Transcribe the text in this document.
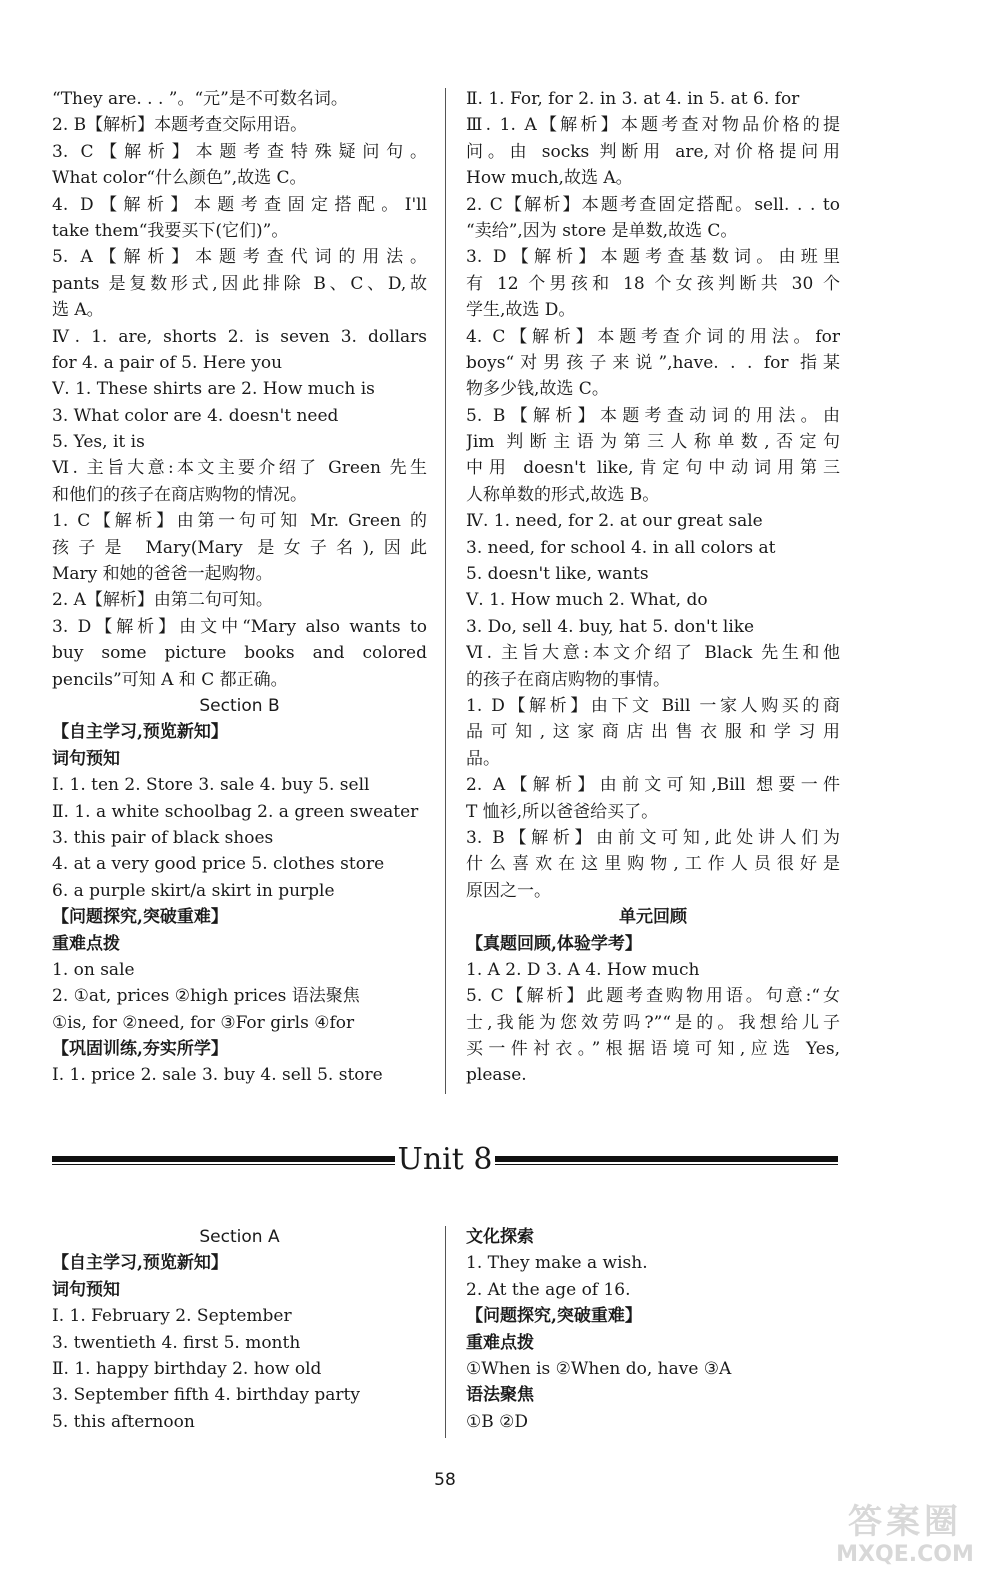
“They are. . . ”。“元”是不可数名词。
2. B【解析】本题考查交际用语。
3. C【解析】本题考查特殊疑问句。
What color“什么颜色”,故选 C。
4. D【解析】本题考查固定搭配。I'll
take them“我要买下(它们)”。
5. A【解析】本题考查代词的用法。
pants 是复数形式,因此排除 B、C、D,故
选 A。
Ⅳ. 1. are, shorts 2. is seven 3. dollars
for 4. a pair of 5. Here you
Ⅴ. 1. These shirts are 2. How much is
3. What color are 4. doesn't need
5. Yes, it is
Ⅵ. 主旨大意:本文主要介绍了 Green 先生
和他们的孩子在商店购物的情况。
1. C【解析】由第一句可知 Mr. Green 的
孩子是 Mary(Mary 是女子名),因此
Mary 和她的爸爸一起购物。
2. A【解析】由第二句可知。
3. D【解析】由文中“Mary also wants to
buy some picture books and colored
pencils”可知 A 和 C 都正确。
Section B
【自主学习,预览新知】
词句预知
Ⅰ. 1. ten 2. Store 3. sale 4. buy 5. sell
Ⅱ. 1. a white schoolbag 2. a green sweater
3. this pair of black shoes
4. at a very good price 5. clothes store
6. a purple skirt/a skirt in purple
【问题探究,突破重难】
重难点拨
1. on sale
2. ①at, prices ②high prices 语法聚焦
①is, for ②need, for ③For girls ④for
【巩固训练,夯实所学】
Ⅰ. 1. price 2. sale 3. buy 4. sell 5. store
Ⅱ. 1. For, for 2. in 3. at 4. in 5. at 6. for
Ⅲ. 1. A【解析】本题考查对物品价格的提
问。由 socks 判断用 are,对价格提问用
How much,故选 A。
2. C【解析】本题考查固定搭配。sell. . . to
“卖给”,因为 store 是单数,故选 C。
3. D【解析】本题考查基数词。由班里
有 12 个男孩和 18 个女孩判断共 30 个
学生,故选 D。
4. C【解析】本题考查介词的用法。for
boys“对男孩子来说”,have. . . for 指某
物多少钱,故选 C。
5. B【解析】本题考查动词的用法。由
Jim 判断主语为第三人称单数,否定句
中用 doesn't like,肯定句中动词用第三
人称单数的形式,故选 B。
Ⅳ. 1. need, for 2. at our great sale
3. need, for school 4. in all colors at
5. doesn't like, wants
Ⅴ. 1. How much 2. What, do
3. Do, sell 4. buy, hat 5. don't like
Ⅵ. 主旨大意:本文介绍了 Black 先生和他
的孩子在商店购物的事情。
1. D【解析】由下文 Bill 一家人购买的商
品可知,这家商店出售衣服和学习用
品。
2. A【解析】由前文可知,Bill 想要一件
T 恤衫,所以爸爸给买了。
3. B【解析】由前文可知,此处讲人们为
什么喜欢在这里购物,工作人员很好是
原因之一。
单元回顾
【真题回顾,体验学考】
1. A 2. D 3. A 4. How much
5. C【解析】此题考查购物用语。句意:“女
士,我能为您效劳吗?”“是的。我想给儿子
买一件衬衣。”根据语境可知,应选 Yes,
please.
Unit 8
Section A
【自主学习,预览新知】
词句预知
Ⅰ. 1. February 2. September
3. twentieth 4. first 5. month
Ⅱ. 1. happy birthday 2. how old
3. September fifth 4. birthday party
5. this afternoon
文化探索
1. They make a wish.
2. At the age of 16.
【问题探究,突破重难】
重难点拨
①When is ②When do, have ③A
语法聚焦
①B ②D
58
答案圈
MXQE.COM
